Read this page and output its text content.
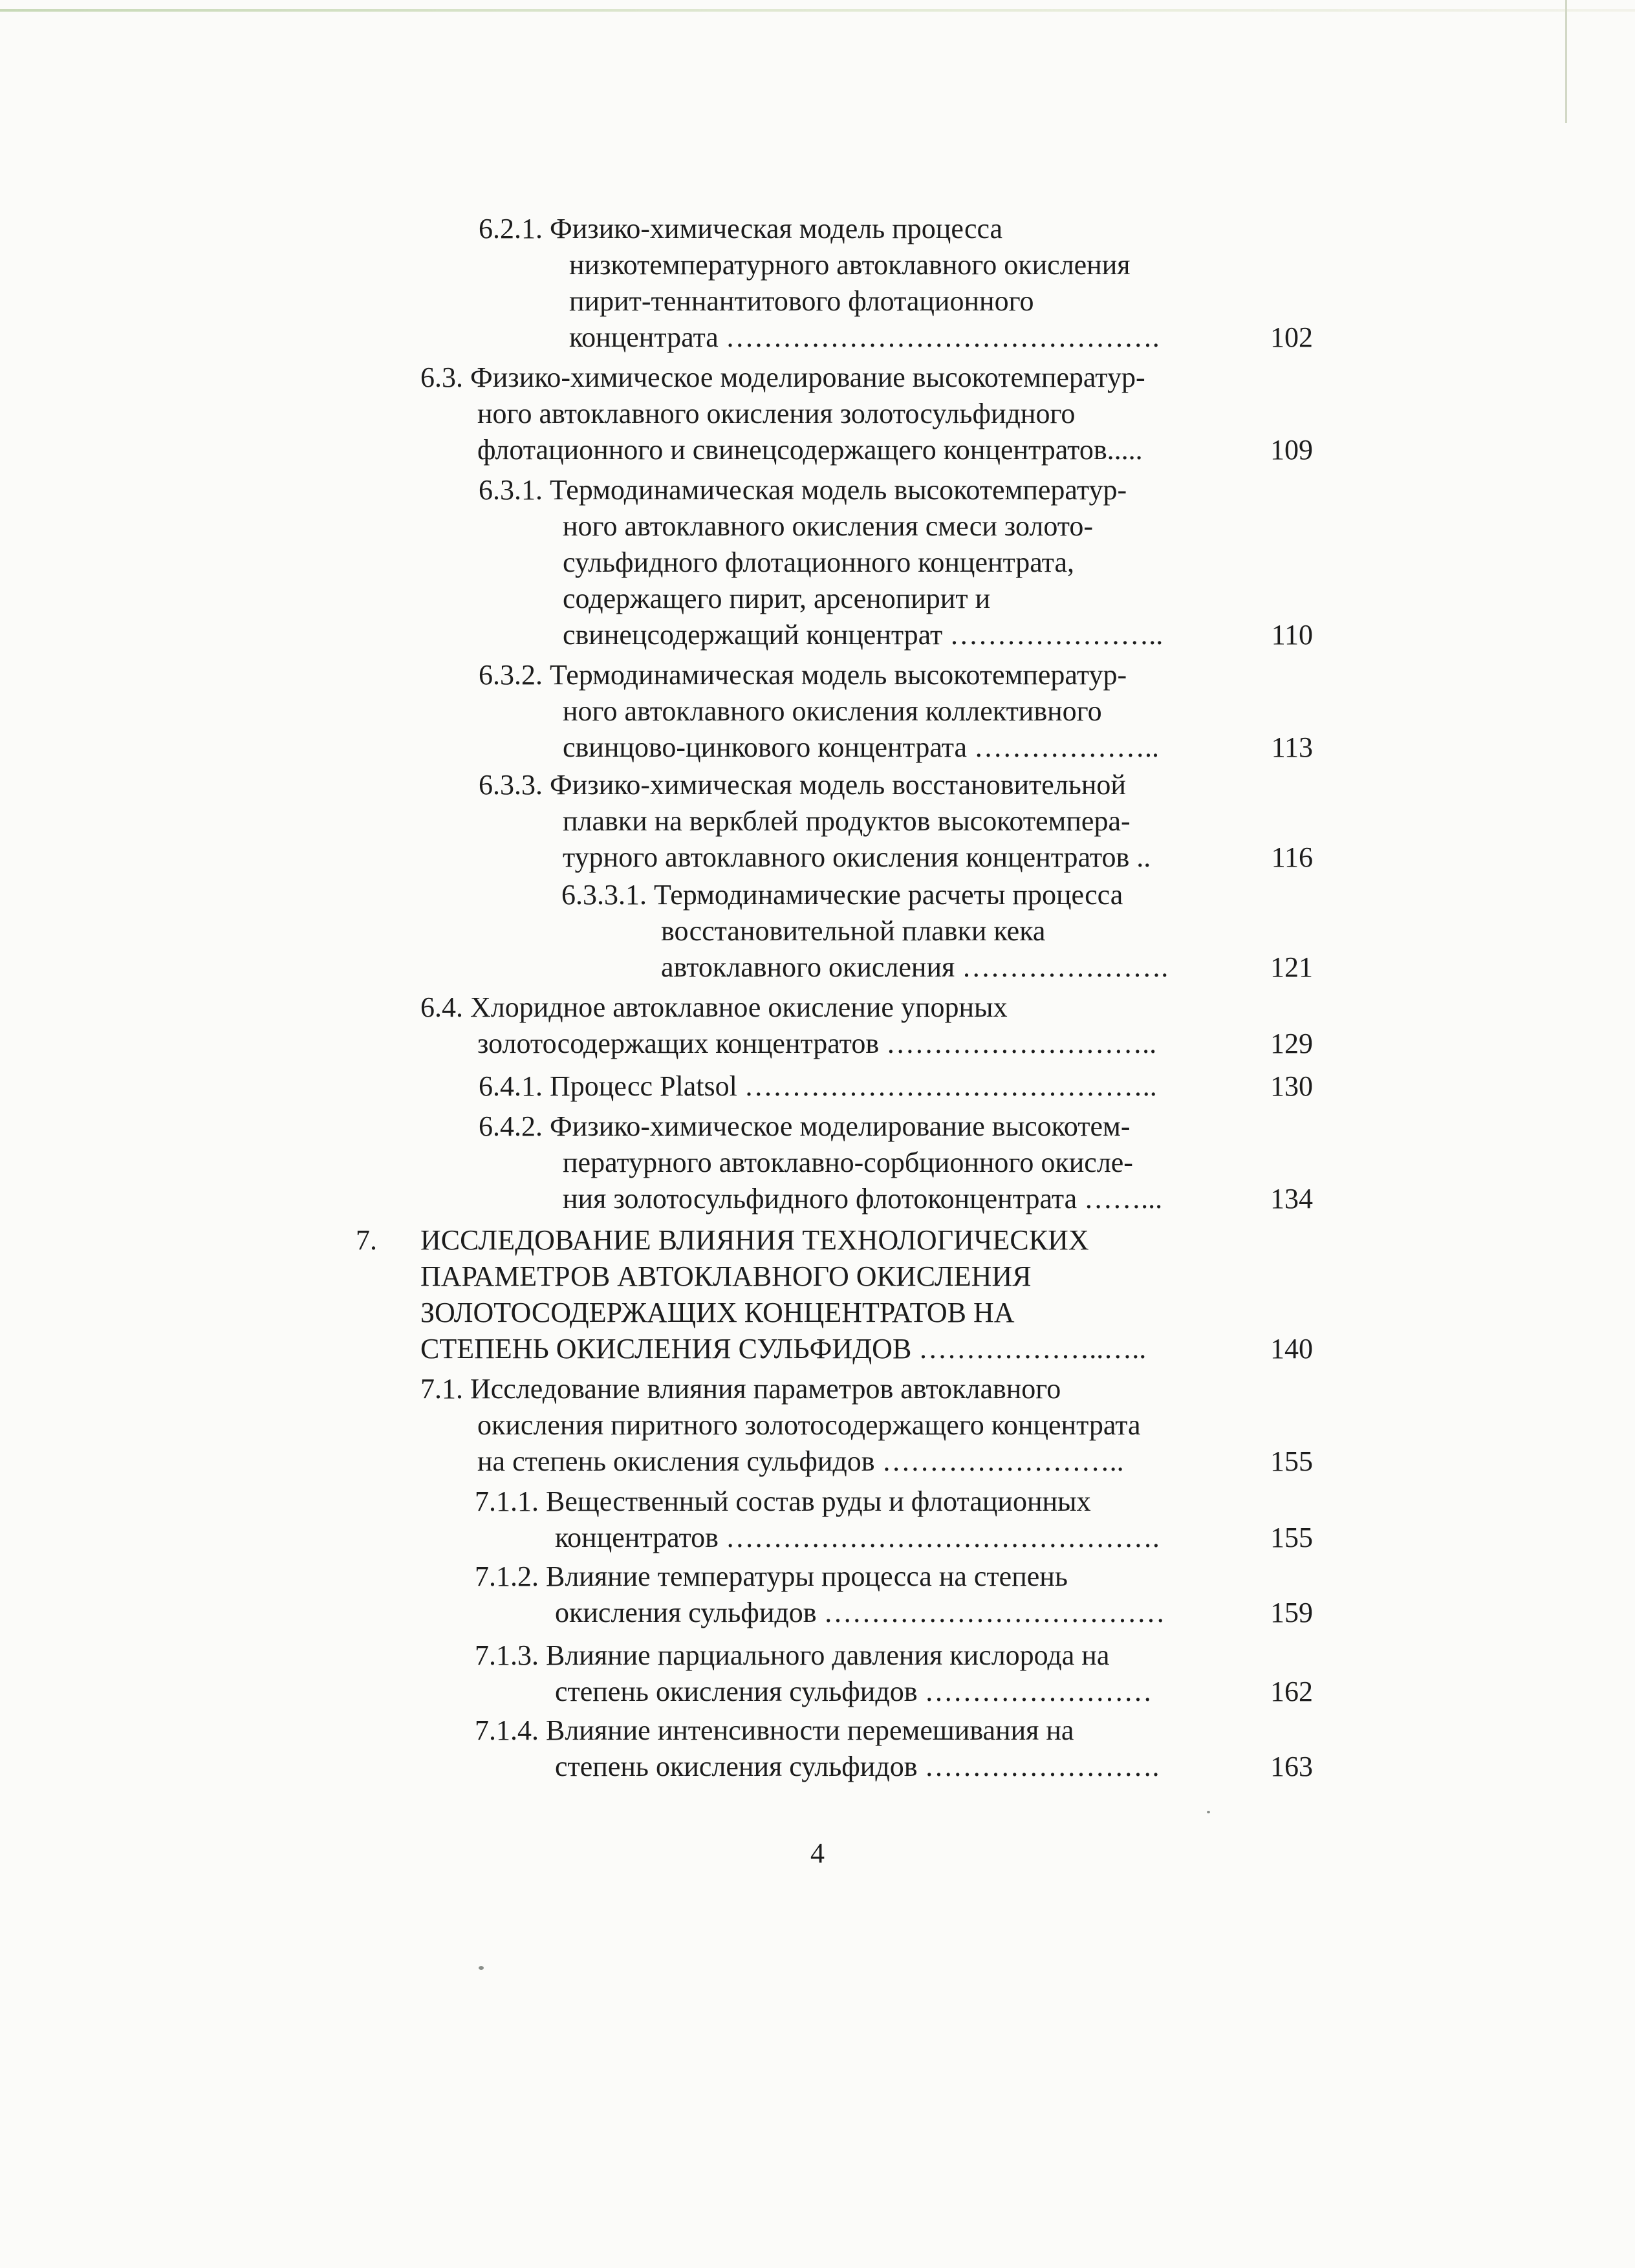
6.2.1. Физико-химическая модель процесса
низкотемпературного автоклавного окисления
пирит-теннантитового флотационного
концентрата ……………………………………….	102
6.3. Физико-химическое моделирование высокотемператур-
ного автоклавного окисления золотосульфидного
флотационного и свинецсодержащего концентратов.....	109
6.3.1. Термодинамическая модель высокотемператур-
ного автоклавного окисления смеси золото-
сульфидного флотационного концентрата,
содержащего пирит, арсенопирит и
свинецсодержащий концентрат …………………..	110
6.3.2. Термодинамическая модель высокотемператур-
ного автоклавного окисления коллективного
свинцово-цинкового концентрата ………………..	113
6.3.3. Физико-химическая модель восстановительной
плавки на веркблей продуктов высокотемпера-
турного автоклавного окисления концентратов ..	116
6.3.3.1. Термодинамические расчеты процесса
восстановительной плавки кека
автоклавного окисления ………………….	121
6.4. Хлоридное автоклавное окисление упорных
золотосодержащих концентратов ………………………..	129
6.4.1. Процесс Platsol ……………………………………..	130
6.4.2. Физико-химическое моделирование высокотем-
пературного автоклавно-сорбционного окисле-
ния золотосульфидного флотоконцентрата ……...	134
7. ИССЛЕДОВАНИЕ ВЛИЯНИЯ ТЕХНОЛОГИЧЕСКИХ
ПАРАМЕТРОВ АВТОКЛАВНОГО ОКИСЛЕНИЯ
ЗОЛОТОСОДЕРЖАЩИХ КОНЦЕНТРАТОВ НА
СТЕПЕНЬ ОКИСЛЕНИЯ СУЛЬФИДОВ ………………..…..	140
7.1. Исследование влияния параметров автоклавного
окисления пиритного золотосодержащего концентрата
на степень окисления сульфидов ……………………..	155
7.1.1. Вещественный состав руды и флотационных
концентратов ……………………………………….	155
7.1.2. Влияние температуры процесса на степень
окисления сульфидов ………………………………	159
7.1.3. Влияние парциального давления кислорода на
степень окисления сульфидов ……………………	162
7.1.4. Влияние интенсивности перемешивания на
степень окисления сульфидов …………………….	163
4
